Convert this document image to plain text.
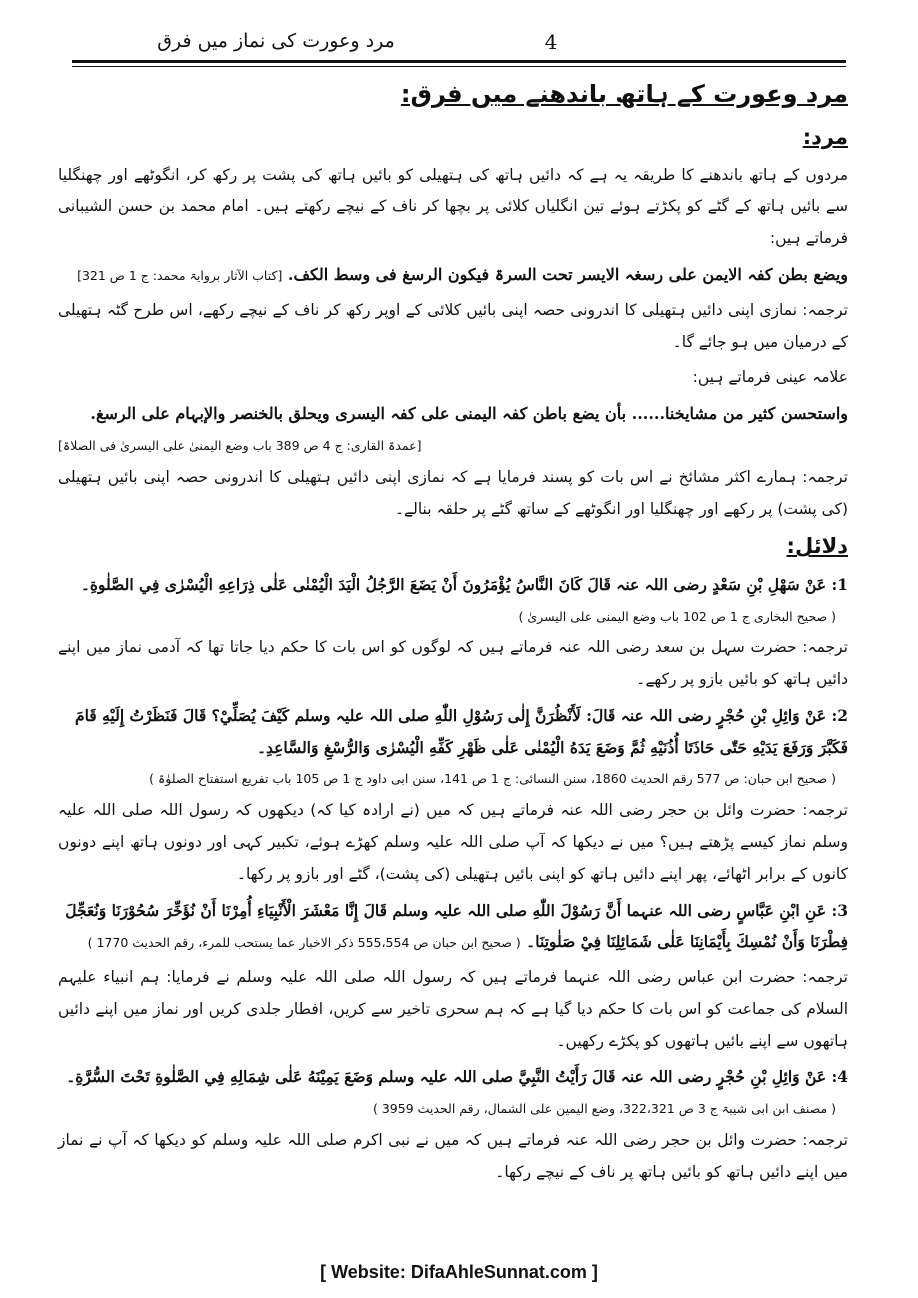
مرد وعورت کی نماز میں فرق	4
مرد وعورت کے ہاتھ باندھنے میں فرق:
مرد:

مردوں کے ہاتھ باندھنے کا طریقہ یہ ہے کہ دائیں ہاتھ کی ہتھیلی کو بائیں ہاتھ کی پشت پر رکھ کر، انگوٹھے اور چھنگلیا سے بائیں ہاتھ کے گٹے کو پکڑتے ہوئے تین انگلیاں کلائی پر بچھا کر ناف کے نیچے رکھتے ہیں۔ امام محمد بن حسن الشیبانی فرماتے ہیں:

ویضع بطن کفہ الایمن علی رسغہ الایسر تحت السرۃ فیکون الرسغ فی وسط الکف. [کتاب الآثار بروایۃ محمد: ج 1 ص 321]

ترجمہ: نمازی اپنی دائیں ہتھیلی کا اندرونی حصہ اپنی بائیں کلائی کے اوپر رکھ کر ناف کے نیچے رکھے، اس طرح گٹہ ہتھیلی کے درمیان میں ہو جائے گا۔

علامہ عینی فرماتے ہیں:

واستحسن کثیر من مشایخنا...... بأن یضع باطن کفہ الیمنی علی کفہ الیسری ویحلق بالخنصر والإبہام علی الرسغ.

[عمدۃ القاری: ج 4 ص 389 باب وضع الیمنیٰ علی الیسریٰ فی الصلاۃ]

ترجمہ: ہمارے اکثر مشائخ نے اس بات کو پسند فرمایا ہے کہ نمازی اپنی دائیں ہتھیلی کا اندرونی حصہ اپنی بائیں ہتھیلی (کی پشت) پر رکھے اور چھنگلیا اور انگوٹھے کے ساتھ گٹے پر حلقہ بنالے۔

دلائل:

1: عَنْ سَهْلِ بْنِ سَعْدٍ رضی اللہ عنہ قَالَ كَانَ النَّاسُ يُؤْمَرُونَ أَنْ يَضَعَ الرَّجُلُ الْيَدَ الْيُمْنٰى عَلٰى ذِرَاعِهِ الْيُسْرٰى فِي الصَّلٰوةِ۔

( صحیح البخاری ج 1 ص 102 باب وضع الیمنی علی الیسریٰ )

ترجمہ: حضرت سہل بن سعد رضی اللہ عنہ فرماتے ہیں کہ لوگوں کو اس بات کا حکم دیا جاتا تھا کہ آدمی نماز میں اپنے دائیں ہاتھ کو بائیں بازو پر رکھے۔

2: عَنْ وَائِلِ بْنِ حُجْرٍ رضی اللہ عنہ قَالَ: لَأَنْظُرَنَّ إِلٰى رَسُوْلِ اللّٰهِ صلی اللہ علیہ وسلم كَيْفَ يُصَلِّيْ؟ قَالَ فَنَظَرْتُ إِلَيْهِ قَامَ فَكَبَّرَ وَرَفَعَ يَدَيْهِ حَتّٰى حَاذَتَا أُذُنَيْهِ ثُمَّ وَضَعَ يَدَهُ الْيُمْنٰى عَلٰى ظَهْرِ كَفِّهِ الْيُسْرٰى وَالرُّسْغِ وَالسَّاعِدِ۔

( صحیح ابن حبان: ص 577 رقم الحدیث 1860، سنن النسائی: ج 1 ص 141، سنن ابی داود ج 1 ص 105 باب تفریع استفتاح الصلوٰۃ )

ترجمہ: حضرت وائل بن حجر رضی اللہ عنہ فرماتے ہیں کہ میں (نے ارادہ کیا کہ) دیکھوں کہ رسول اللہ صلی اللہ علیہ وسلم نماز کیسے پڑھتے ہیں؟ میں نے دیکھا کہ آپ صلی اللہ علیہ وسلم کھڑے ہوئے، تکبیر کہی اور دونوں ہاتھ اپنے دونوں کانوں کے برابر اٹھائے، پھر اپنے دائیں ہاتھ کو اپنی بائیں ہتھیلی (کی پشت)، گٹے اور بازو پر رکھا۔

3: عَنِ ابْنِ عَبَّاسٍ رضی اللہ عنہما أَنَّ رَسُوْلَ اللّٰهِ صلی اللہ علیہ وسلم قَالَ إِنَّا مَعْشَرَ الْأَنْبِيَاءِ أُمِرْنَا أَنْ نُؤَخِّرَ سُحُوْرَنَا وَنُعَجِّلَ فِطْرَنَا وَأَنْ نُمْسِكَ بِأَيْمَانِنَا عَلٰى شَمَائِلِنَا فِيْ صَلٰوتِنَا۔ ( صحیح ابن حبان ص 555،554 ذکر الاخبار عما یستحب للمرء، رقم الحدیث 1770 )

ترجمہ: حضرت ابن عباس رضی اللہ عنہما فرماتے ہیں کہ رسول اللہ صلی اللہ علیہ وسلم نے فرمایا: ہم انبیاء علیہم السلام کی جماعت کو اس بات کا حکم دیا گیا ہے کہ ہم سحری تاخیر سے کریں، افطار جلدی کریں اور نماز میں اپنے دائیں ہاتھوں سے اپنے بائیں ہاتھوں کو پکڑے رکھیں۔

4: عَنْ وَائِلِ بْنِ حُجْرٍ رضی اللہ عنہ قَالَ رَأَيْتُ النَّبِيَّ صلی اللہ علیہ وسلم وَضَعَ يَمِيْنَهُ عَلٰى شِمَالِهِ فِي الصَّلٰوةِ تَحْتَ السُّرَّةِ۔

( مصنف ابن ابی شیبۃ ج 3 ص 322،321، وضع الیمین علی الشمال، رقم الحدیث 3959 )

ترجمہ: حضرت وائل بن حجر رضی اللہ عنہ فرماتے ہیں کہ میں نے نبی اکرم صلی اللہ علیہ وسلم کو دیکھا کہ آپ نے نماز میں اپنے دائیں ہاتھ کو بائیں ہاتھ پر ناف کے نیچے رکھا۔

[ Website: DifaAhleSunnat.com ]
